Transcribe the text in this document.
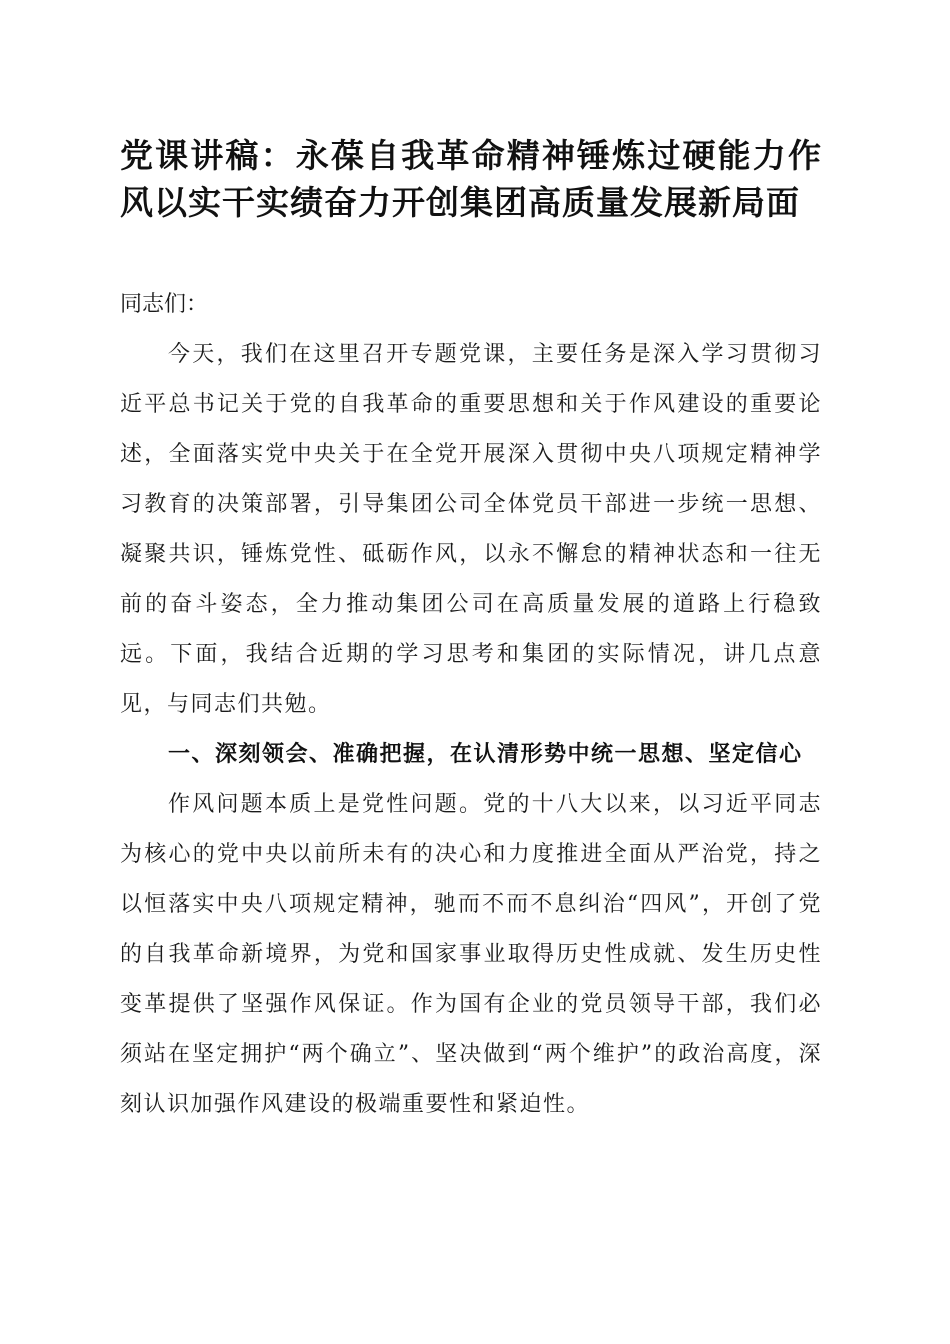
党课讲稿：永葆自我革命精神锤炼过硬能力作风以实干实绩奋力开创集团高质量发展新局面

同志们：

今天，我们在这里召开专题党课，主要任务是深入学习贯彻习近平总书记关于党的自我革命的重要思想和关于作风建设的重要论述，全面落实党中央关于在全党开展深入贯彻中央八项规定精神学习教育的决策部署，引导集团公司全体党员干部进一步统一思想、凝聚共识，锤炼党性、砥砺作风，以永不懈怠的精神状态和一往无前的奋斗姿态，全力推动集团公司在高质量发展的道路上行稳致远。下面，我结合近期的学习思考和集团的实际情况，讲几点意见，与同志们共勉。

一、深刻领会、准确把握，在认清形势中统一思想、坚定信心

作风问题本质上是党性问题。党的十八大以来，以习近平同志为核心的党中央以前所未有的决心和力度推进全面从严治党，持之以恒落实中央八项规定精神，驰而不而不息纠治“四风”，开创了党的自我革命新境界，为党和国家事业取得历史性成就、发生历史性变革提供了坚强作风保证。作为国有企业的党员领导干部，我们必须站在坚定拥护“两个确立”、坚决做到“两个维护”的政治高度，深刻认识加强作风建设的极端重要性和紧迫性。
